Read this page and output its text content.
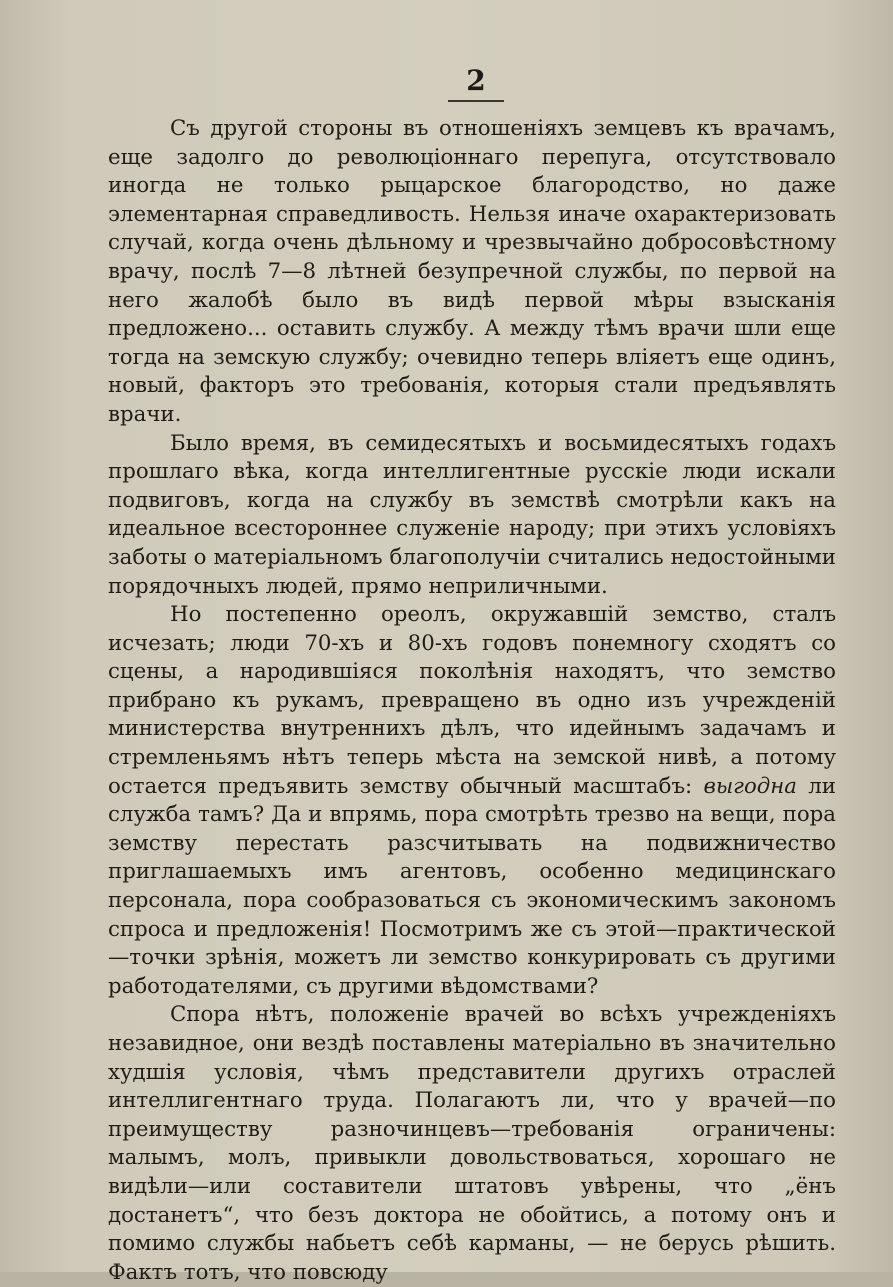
2

Съ другой стороны въ отношеніяхъ земцевъ къ врачамъ, еще задолго до революціоннаго перепуга, отсутствовало иногда не только рыцарское благородство, но даже элементарная справедливость. Нельзя иначе охарактеризовать случай, когда очень дѣльному и чрезвычайно добросовѣстному врачу, послѣ 7—8 лѣтней безупречной службы, по первой на него жалобѣ было въ видѣ первой мѣры взысканія предложено... оставить службу. А между тѣмъ врачи шли еще тогда на земскую службу; очевидно теперь вліяетъ еще одинъ, новый, факторъ это требованія, которыя стали предъявлять врачи.

Было время, въ семидесятыхъ и восьмидесятыхъ годахъ прошлаго вѣка, когда интеллигентные русскіе люди искали подвиговъ, когда на службу въ земствѣ смотрѣли какъ на идеальное всестороннее служеніе народу; при этихъ условіяхъ заботы о матеріальномъ благополучіи считались недостойными порядочныхъ людей, прямо неприличными.

Но постепенно ореолъ, окружавшій земство, сталъ исчезать; люди 70-хъ и 80-хъ годовъ понемногу сходятъ со сцены, а народившіяся поколѣнія находятъ, что земство прибрано къ рукамъ, превращено въ одно изъ учрежденій министерства внутреннихъ дѣлъ, что идейнымъ задачамъ и стремленьямъ нѣтъ теперь мѣста на земской нивѣ, а потому остается предъявить земству обычный масштабъ: выгодна ли служба тамъ? Да и впрямь, пора смотрѣть трезво на вещи, пора земству перестать разсчитывать на подвижничество приглашаемыхъ имъ агентовъ, особенно медицинскаго персонала, пора сообразоваться съ экономическимъ закономъ спроса и предложенія! Посмотримъ же съ этой—практической—точки зрѣнія, можетъ ли земство конкурировать съ другими работодателями, съ другими вѣдомствами?

Спора нѣтъ, положеніе врачей во всѣхъ учрежденіяхъ незавидное, они вездѣ поставлены матеріально въ значительно худшія условія, чѣмъ представители другихъ отраслей интеллигентнаго труда. Полагаютъ ли, что у врачей—по преимуществу разночинцевъ—требованія ограничены: малымъ, молъ, привыкли довольствоваться, хорошаго не видѣли—или составители штатовъ увѣрены, что „ёнъ достанетъ“, что безъ доктора не обойтись, а потому онъ и помимо службы набьетъ себѣ карманы, — не берусь рѣшить. Фактъ тотъ, что повсюду
